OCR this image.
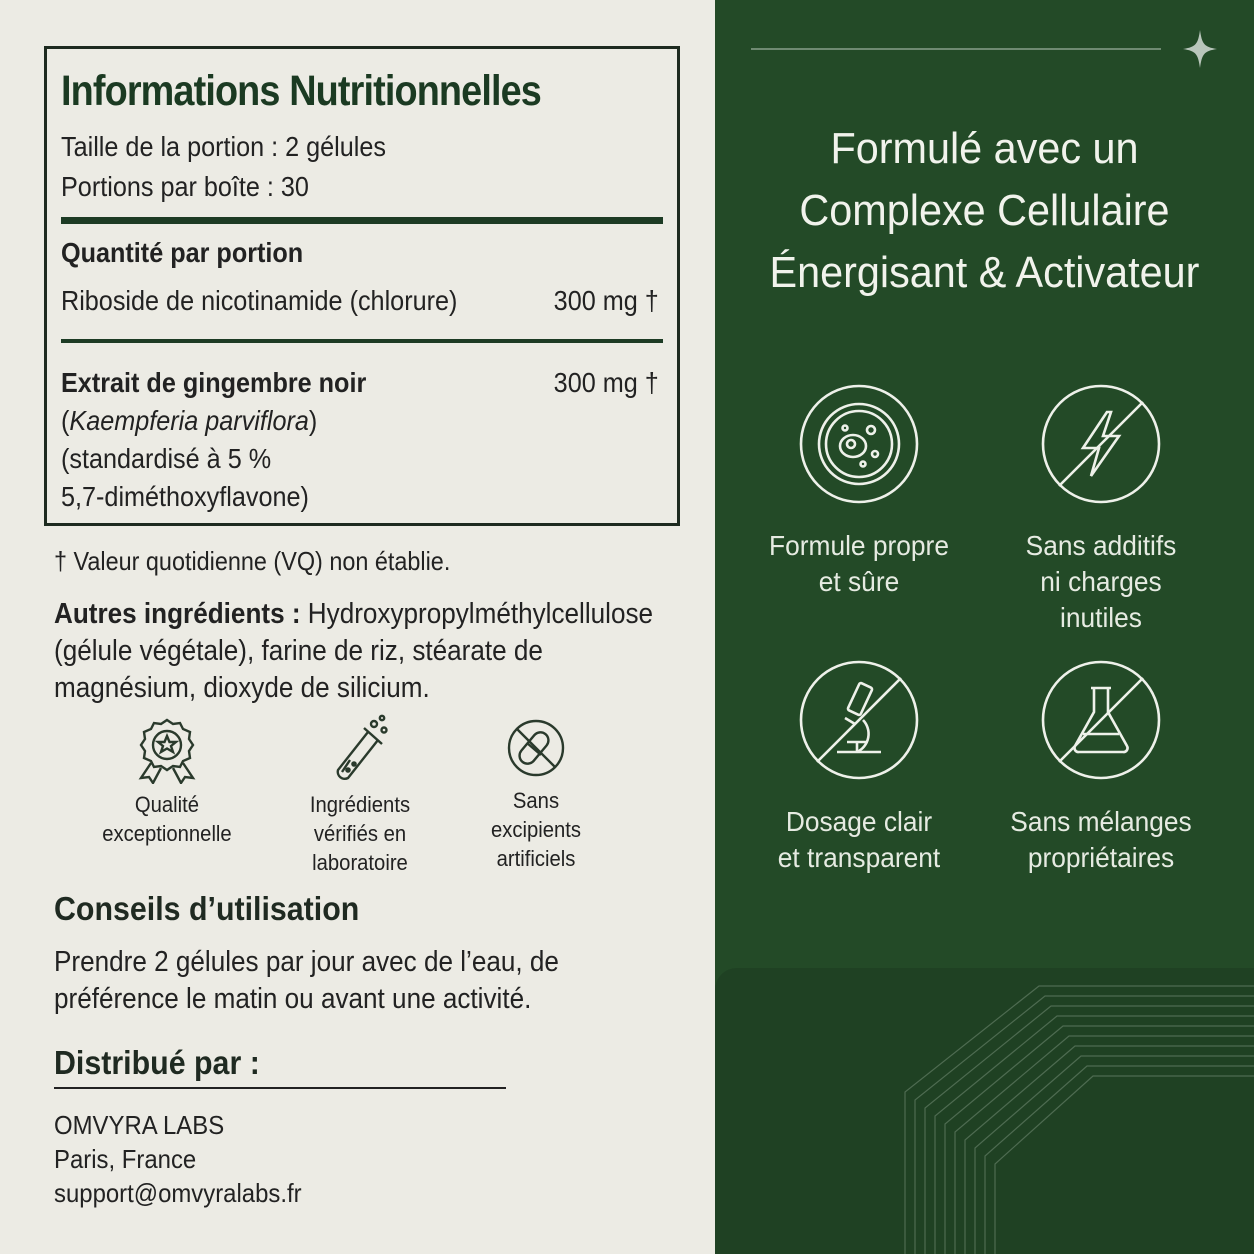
Informations Nutritionnelles
Taille de la portion : 2 gélules
Portions par boîte : 30
Quantité par portion
Riboside de nicotinamide (chlorure)	300 mg †
Extrait de gingembre noir	300 mg †
(Kaempferia parviflora)
(standardisé à 5 %
5,7-diméthoxyflavone)
† Valeur quotidienne (VQ) non établie.
Autres ingrédients : Hydroxypropylméthylcellulose (gélule végétale), farine de riz, stéarate de magnésium, dioxyde de silicium.
Qualité
exceptionnelle
Ingrédients
vérifiés en
laboratoire
Sans
excipients
artificiels
Conseils d’utilisation
Prendre 2 gélules par jour avec de l’eau, de
préférence le matin ou avant une activité.
Distribué par :
OMVYRA LABS
Paris, France
support@omvyralabs.fr
Formulé avec un
Complexe Cellulaire
Énergisant & Activateur
Formule propre
et sûre
Sans additifs
ni charges
inutiles
Dosage clair
et transparent
Sans mélanges
propriétaires
